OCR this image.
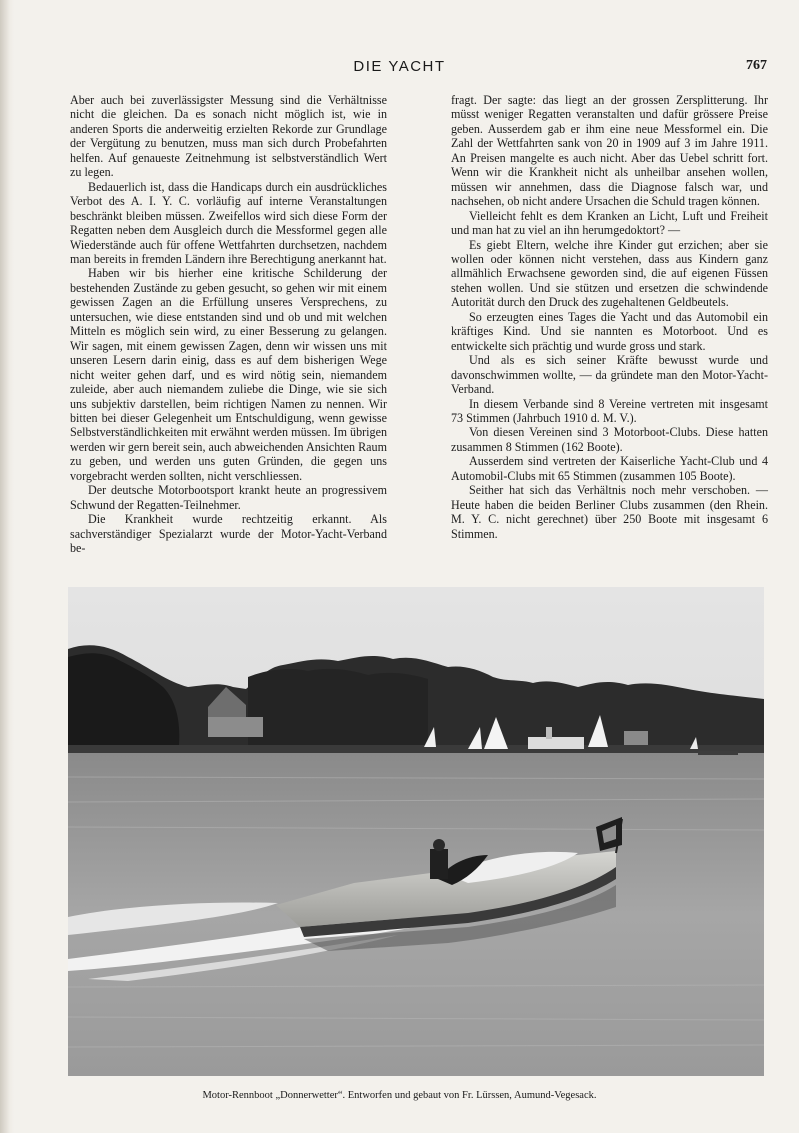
DIE YACHT	767

Aber auch bei zuverlässigster Messung sind die Verhältnisse nicht die gleichen. Da es sonach nicht möglich ist, wie in anderen Sports die anderweitig erzielten Rekorde zur Grundlage der Vergütung zu benutzen, muss man sich durch Probefahrten helfen. Auf genaueste Zeitnehmung ist selbstverständlich Wert zu legen.

Bedauerlich ist, dass die Handicaps durch ein ausdrückliches Verbot des A. I. Y. C. vorläufig auf interne Veranstaltungen beschränkt bleiben müssen. Zweifellos wird sich diese Form der Regatten neben dem Ausgleich durch die Messformel gegen alle Wiederstände auch für offene Wettfahrten durchsetzen, nachdem man bereits in fremden Ländern ihre Berechtigung anerkannt hat.

Haben wir bis hierher eine kritische Schilderung der bestehenden Zustände zu geben gesucht, so gehen wir mit einem gewissen Zagen an die Erfüllung unseres Versprechens, zu untersuchen, wie diese entstanden sind und ob und mit welchen Mitteln es möglich sein wird, zu einer Besserung zu gelangen. Wir sagen, mit einem gewissen Zagen, denn wir wissen uns mit unseren Lesern darin einig, dass es auf dem bisherigen Wege nicht weiter gehen darf, und es wird nötig sein, niemandem zuleide, aber auch niemandem zuliebe die Dinge, wie sie sich uns subjektiv darstellen, beim richtigen Namen zu nennen. Wir bitten bei dieser Gelegenheit um Entschuldigung, wenn gewisse Selbstverständlichkeiten mit erwähnt werden müssen. Im übrigen werden wir gern bereit sein, auch abweichenden Ansichten Raum zu geben, und werden uns guten Gründen, die gegen uns vorgebracht werden sollten, nicht verschliessen.

Der deutsche Motorbootsport krankt heute an progressivem Schwund der Regatten-Teilnehmer.

Die Krankheit wurde rechtzeitig erkannt. Als sachverständiger Spezialarzt wurde der Motor-Yacht-Verband be-

fragt. Der sagte: das liegt an der grossen Zersplitterung. Ihr müsst weniger Regatten veranstalten und dafür grössere Preise geben. Ausserdem gab er ihm eine neue Messformel ein. Die Zahl der Wettfahrten sank von 20 in 1909 auf 3 im Jahre 1911. An Preisen mangelte es auch nicht. Aber das Uebel schritt fort. Wenn wir die Krankheit nicht als unheilbar ansehen wollen, müssen wir annehmen, dass die Diagnose falsch war, und nachsehen, ob nicht andere Ursachen die Schuld tragen können.

Vielleicht fehlt es dem Kranken an Licht, Luft und Freiheit und man hat zu viel an ihn herumgedoktort? —

Es giebt Eltern, welche ihre Kinder gut erzichen; aber sie wollen oder können nicht verstehen, dass aus Kindern ganz allmählich Erwachsene geworden sind, die auf eigenen Füssen stehen wollen. Und sie stützen und ersetzen die schwindende Autorität durch den Druck des zugehaltenen Geldbeutels.

So erzeugten eines Tages die Yacht und das Automobil ein kräftiges Kind. Und sie nannten es Motorboot. Und es entwickelte sich prächtig und wurde gross und stark.

Und als es sich seiner Kräfte bewusst wurde und davonschwimmen wollte, — da gründete man den Motor-Yacht-Verband.

In diesem Verbande sind 8 Vereine vertreten mit insgesamt 73 Stimmen (Jahrbuch 1910 d. M. V.).

Von diesen Vereinen sind 3 Motorboot-Clubs. Diese hatten zusammen 8 Stimmen (162 Boote).

Ausserdem sind vertreten der Kaiserliche Yacht-Club und 4 Automobil-Clubs mit 65 Stimmen (zusammen 105 Boote).

Seither hat sich das Verhältnis noch mehr verschoben. — Heute haben die beiden Berliner Clubs zusammen (den Rhein. M. Y. C. nicht gerechnet) über 250 Boote mit insgesamt 6 Stimmen.

Motor-Rennboot „Donnerwetter“. Entworfen und gebaut von Fr. Lürssen, Aumund-Vegesack.
